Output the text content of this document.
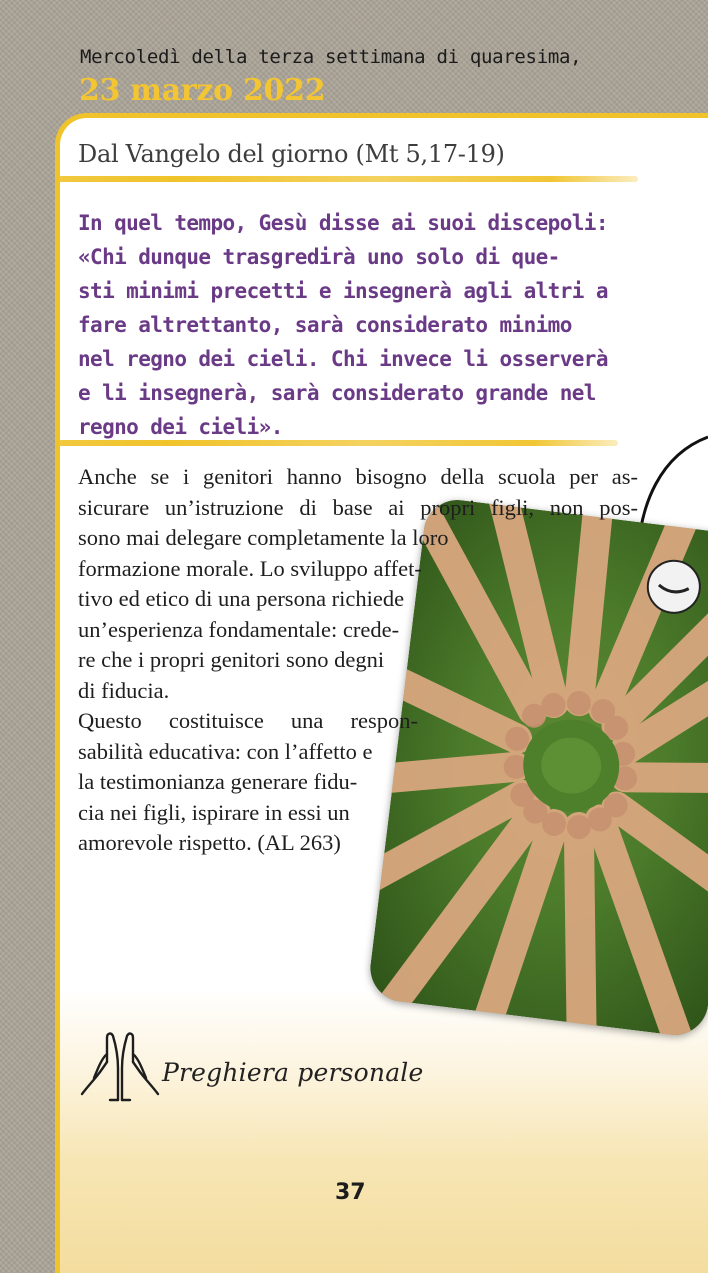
Mercoledì della terza settimana di quaresima,
23 marzo 2022
Dal Vangelo del giorno (Mt 5,17-19)
In quel tempo, Gesù disse ai suoi discepoli:
«Chi dunque trasgredirà uno solo di que-
sti minimi precetti e insegnerà agli altri a
fare altrettanto, sarà considerato minimo
nel regno dei cieli. Chi invece li osserverà
e li insegnerà, sarà considerato grande nel
regno dei cieli».
Anche se i genitori hanno bisogno della scuola per as-
sicurare un’istruzione di base ai propri figli, non pos-
sono mai delegare completamente la loro
formazione morale. Lo sviluppo affet-
tivo ed etico di una persona richiede
un’esperienza fondamentale: crede-
re che i propri genitori sono degni
di fiducia.
Questo costituisce una respon-
sabilità educativa: con l’affetto e
la testimonianza generare fidu-
cia nei figli, ispirare in essi un
amorevole rispetto. (AL 263)
Preghiera personale
37
